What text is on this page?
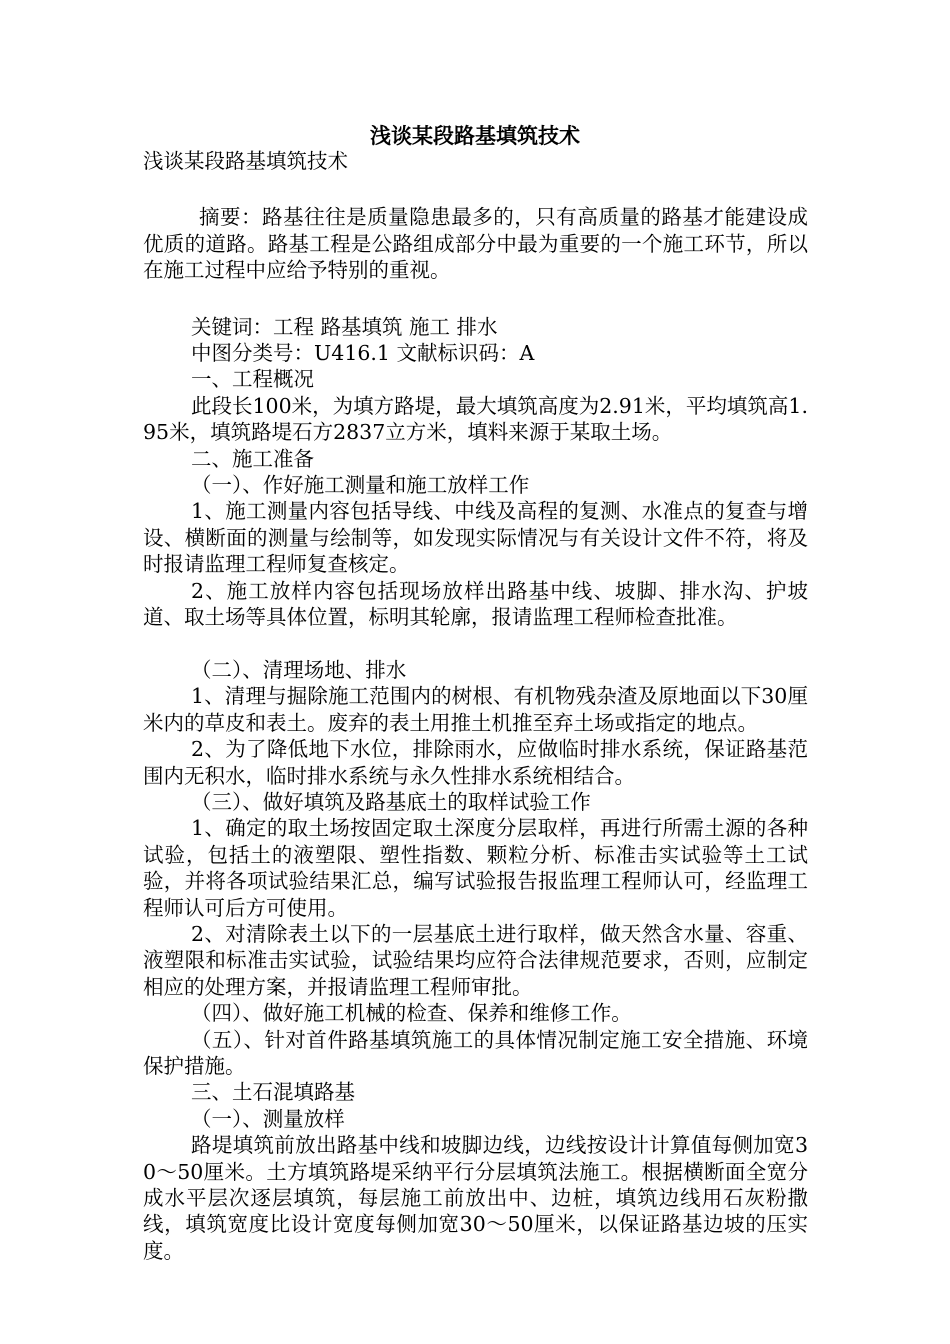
浅谈某段路基填筑技术

浅谈某段路基填筑技术

摘要：路基往往是质量隐患最多的，只有高质量的路基才能建设成优质的道路。路基工程是公路组成部分中最为重要的一个施工环节，所以在施工过程中应给予特别的重视。

关键词：工程 路基填筑 施工 排水

中图分类号：U416.1 文献标识码：A

一、工程概况

此段长100米，为填方路堤，最大填筑高度为2.91米，平均填筑高1.95米，填筑路堤石方2837立方米，填料来源于某取土场。

二、施工准备

（一）、作好施工测量和施工放样工作

1、施工测量内容包括导线、中线及高程的复测、水准点的复查与增设、横断面的测量与绘制等，如发现实际情况与有关设计文件不符，将及时报请监理工程师复查核定。

2、施工放样内容包括现场放样出路基中线、坡脚、排水沟、护坡道、取土场等具体位置，标明其轮廓，报请监理工程师检查批准。

（二）、清理场地、排水

1、清理与掘除施工范围内的树根、有机物残杂渣及原地面以下30厘米内的草皮和表土。废弃的表土用推土机推至弃土场或指定的地点。

2、为了降低地下水位，排除雨水，应做临时排水系统，保证路基范围内无积水，临时排水系统与永久性排水系统相结合。

（三）、做好填筑及路基底土的取样试验工作

1、确定的取土场按固定取土深度分层取样，再进行所需土源的各种试验，包括土的液塑限、塑性指数、颗粒分析、标准击实试验等土工试验，并将各项试验结果汇总，编写试验报告报监理工程师认可，经监理工程师认可后方可使用。

2、对清除表土以下的一层基底土进行取样，做天然含水量、容重、液塑限和标准击实试验，试验结果均应符合法律规范要求，否则，应制定相应的处理方案，并报请监理工程师审批。

（四）、做好施工机械的检查、保养和维修工作。

（五）、针对首件路基填筑施工的具体情况制定施工安全措施、环境保护措施。

三、土石混填路基

（一）、测量放样

路堤填筑前放出路基中线和坡脚边线，边线按设计计算值每侧加宽30～50厘米。土方填筑路堤采纳平行分层填筑法施工。根据横断面全宽分成水平层次逐层填筑，每层施工前放出中、边桩，填筑边线用石灰粉撒线，填筑宽度比设计宽度每侧加宽30～50厘米，以保证路基边坡的压实度。
